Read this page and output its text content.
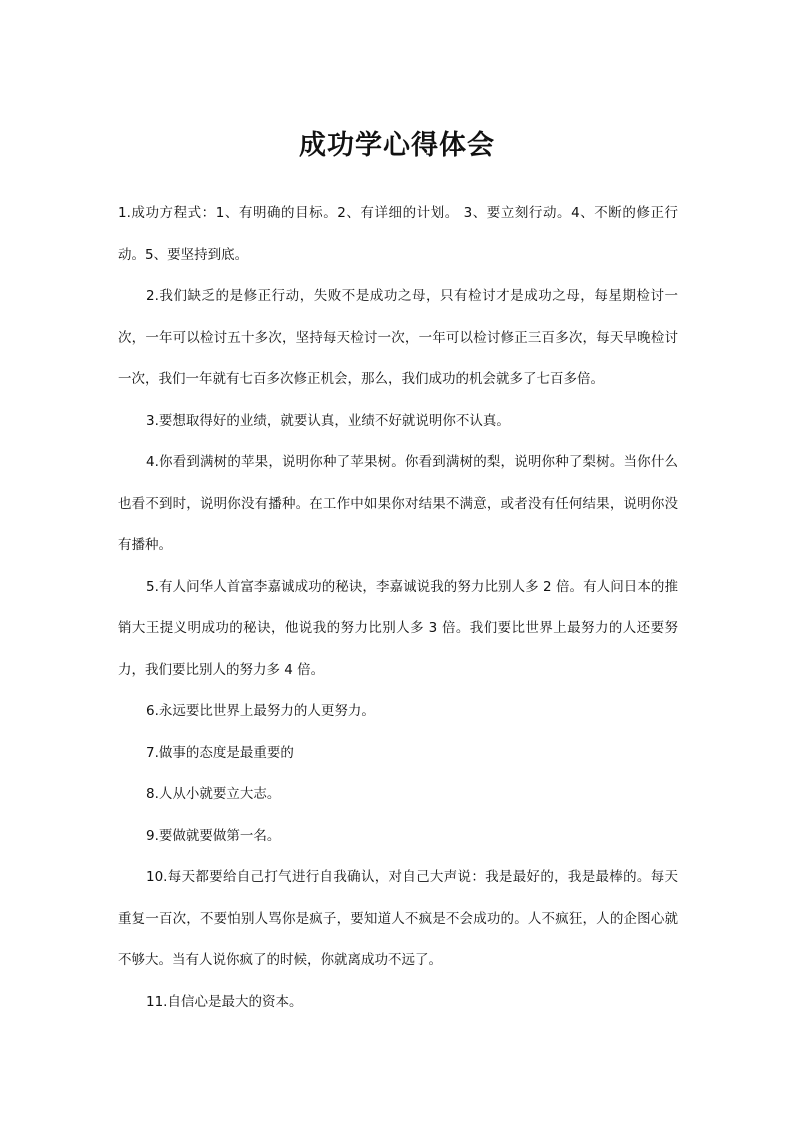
成功学心得体会

1.成功方程式：1、有明确的目标。2、有详细的计划。 3、要立刻行动。4、不断的修正行动。5、要坚持到底。

2.我们缺乏的是修正行动，失败不是成功之母，只有检讨才是成功之母，每星期检讨一次，一年可以检讨五十多次，坚持每天检讨一次，一年可以检讨修正三百多次，每天早晚检讨一次，我们一年就有七百多次修正机会，那么，我们成功的机会就多了七百多倍。

3.要想取得好的业绩，就要认真，业绩不好就说明你不认真。

4.你看到满树的苹果，说明你种了苹果树。你看到满树的梨，说明你种了梨树。当你什么也看不到时，说明你没有播种。在工作中如果你对结果不满意，或者没有任何结果，说明你没有播种。

5.有人问华人首富李嘉诚成功的秘诀，李嘉诚说我的努力比别人多 2 倍。有人问日本的推销大王提义明成功的秘诀，他说我的努力比别人多 3 倍。我们要比世界上最努力的人还要努力，我们要比别人的努力多 4 倍。

6.永远要比世界上最努力的人更努力。

7.做事的态度是最重要的

8.人从小就要立大志。

9.要做就要做第一名。

10.每天都要给自己打气进行自我确认，对自己大声说：我是最好的，我是最棒的。每天重复一百次，不要怕别人骂你是疯子，要知道人不疯是不会成功的。人不疯狂，人的企图心就不够大。当有人说你疯了的时候，你就离成功不远了。

11.自信心是最大的资本。
